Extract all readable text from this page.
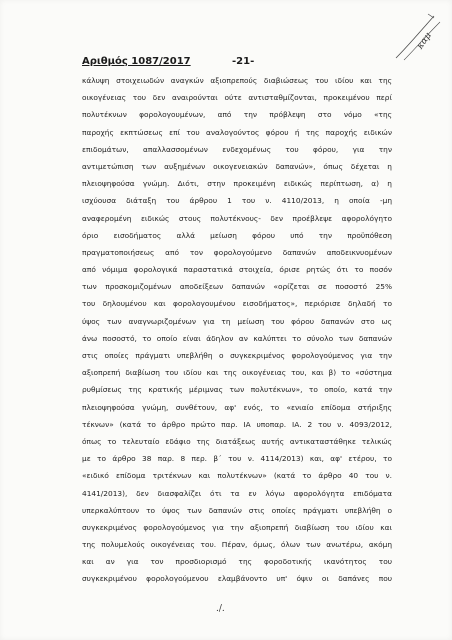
καμ
Αριθμός 1087/2017	-21-
κάλυψη στοιχειωδών αναγκών αξιοπρεπούς διαβιώσεως του ιδίου και της
οικογένειας του δεν αναιρούνται ούτε αντισταθμίζονται, προκειμένου περί
πολυτέκνων φορολογουμένων, από την πρόβλεψη στο νόμο «της
παροχής εκπτώσεως επί του αναλογούντος φόρου ή της παροχής ειδικών
επιδομάτων, απαλλασσομένων ενδεχομένως του φόρου, για την
αντιμετώπιση των αυξημένων οικογενειακών δαπανών», όπως δέχεται η
πλειοψηφούσα γνώμη. Διότι, στην προκειμένη ειδικώς περίπτωση, α) η
ισχύουσα διάταξη του άρθρου 1 του ν. 4110/2013, η οποία -μη
αναφερομένη ειδικώς στους πολυτέκνους- δεν προέβλεψε αφορολόγητο
όριο εισοδήματος αλλά μείωση φόρου υπό την προϋπόθεση
πραγματοποιήσεως από τον φορολογούμενο δαπανών αποδεικνυομένων
από νόμιμα φορολογικά παραστατικά στοιχεία, όρισε ρητώς ότι το ποσόν
των προσκομιζομένων αποδείξεων δαπανών «ορίζεται σε ποσοστό 25%
του δηλουμένου και φορολογουμένου εισοδήματος», περιόρισε δηλαδή το
ύψος των αναγνωριζομένων για τη μείωση του φόρου δαπανών στο ως
άνω ποσοστό, το οποίο είναι άδηλον αν καλύπτει το σύνολο των δαπανών
στις οποίες πράγματι υπεβλήθη ο συγκεκριμένος φορολογούμενος για την
αξιοπρεπή διαβίωση του ιδίου και της οικογένειας του, και β) το «σύστημα
ρυθμίσεως της κρατικής μέριμνας των πολυτέκνων», το οποίο, κατά την
πλειοψηφούσα γνώμη, συνθέτουν, αφ' ενός, το «ενιαίο επίδομα στήριξης
τέκνων» (κατά το άρθρο πρώτο παρ. ΙΑ υποπαρ. ΙΑ. 2 του ν. 4093/2012,
όπως το τελευταίο εδάφιο της διατάξεως αυτής αντικαταστάθηκε τελικώς
με το άρθρο 38 παρ. 8 περ. β΄ του ν. 4114/2013) και, αφ' ετέρου, το
«ειδικό επίδομα τριτέκνων και πολυτέκνων» (κατά το άρθρο 40 του ν.
4141/2013), δεν διασφαλίζει ότι τα εν λόγω αφορολόγητα επιδόματα
υπερκαλύπτουν το ύψος των δαπανών στις οποίες πράγματι υπεβλήθη ο
συγκεκριμένος φορολογούμενος για την αξιοπρεπή διαβίωση του ιδίου και
της πολυμελούς οικογένειας του. Πέραν, όμως, όλων των ανωτέρω, ακόμη
και αν για τον προσδιορισμό της φοροδοτικής ικανότητος του
συγκεκριμένου φορολογούμενου ελαμβάνοντο υπ' όψιν οι δαπάνες που
./.
